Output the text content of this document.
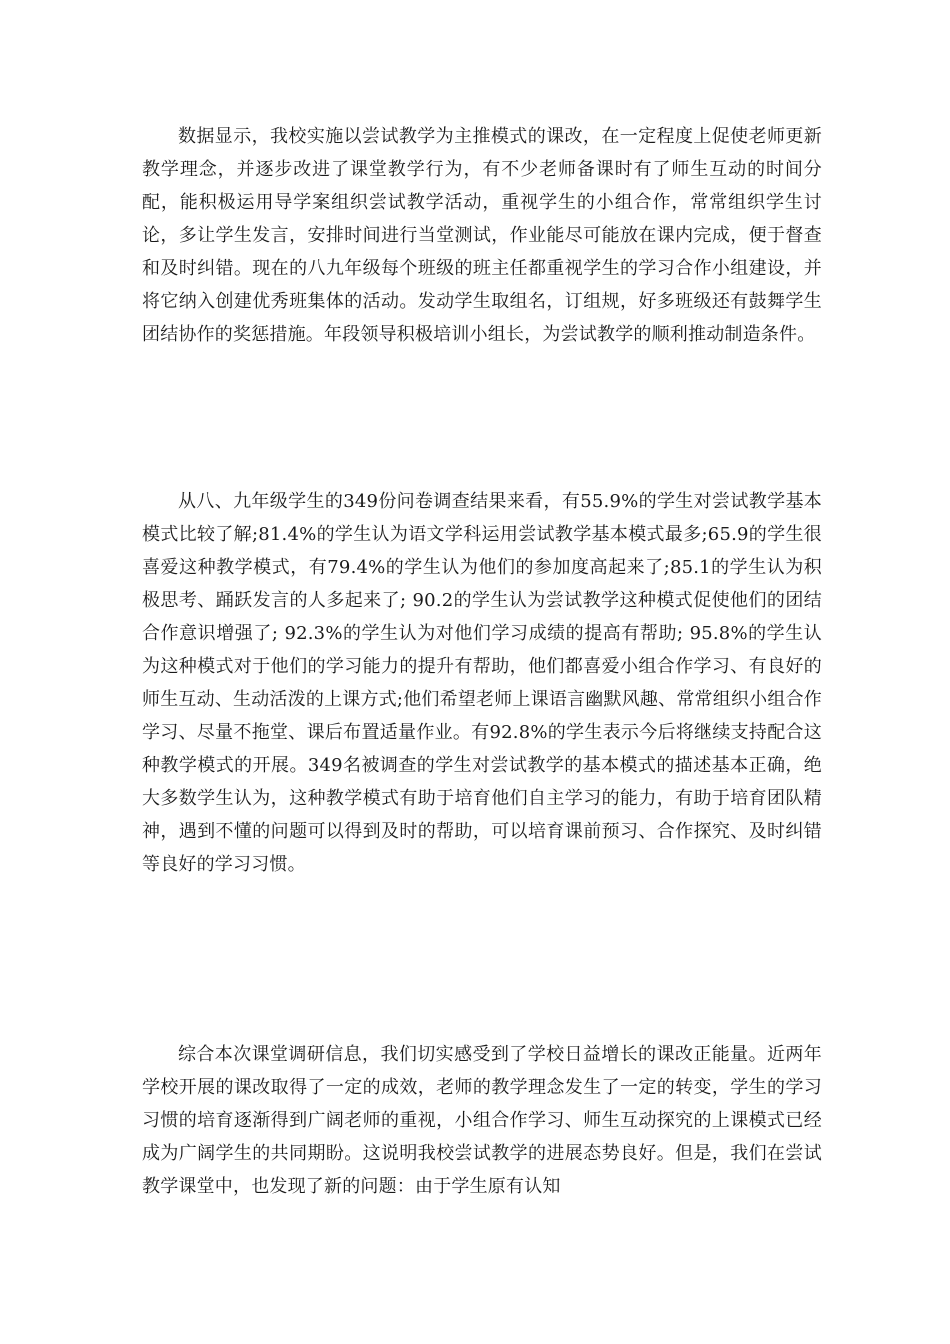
数据显示，我校实施以尝试教学为主推模式的课改，在一定程度上促使老师更新教学理念，并逐步改进了课堂教学行为，有不少老师备课时有了师生互动的时间分配，能积极运用导学案组织尝试教学活动，重视学生的小组合作，常常组织学生讨论，多让学生发言，安排时间进行当堂测试，作业能尽可能放在课内完成，便于督查和及时纠错。现在的八九年级每个班级的班主任都重视学生的学习合作小组建设，并将它纳入创建优秀班集体的活动。发动学生取组名，订组规，好多班级还有鼓舞学生团结协作的奖惩措施。年段领导积极培训小组长，为尝试教学的顺利推动制造条件。

从八、九年级学生的349份问卷调查结果来看，有55.9%的学生对尝试教学基本模式比较了解;81.4%的学生认为语文学科运用尝试教学基本模式最多;65.9的学生很喜爱这种教学模式，有79.4%的学生认为他们的参加度高起来了;85.1的学生认为积极思考、踊跃发言的人多起来了; 90.2的学生认为尝试教学这种模式促使他们的团结合作意识增强了; 92.3%的学生认为对他们学习成绩的提高有帮助; 95.8%的学生认为这种模式对于他们的学习能力的提升有帮助，他们都喜爱小组合作学习、有良好的师生互动、生动活泼的上课方式;他们希望老师上课语言幽默风趣、常常组织小组合作学习、尽量不拖堂、课后布置适量作业。有92.8%的学生表示今后将继续支持配合这种教学模式的开展。349名被调查的学生对尝试教学的基本模式的描述基本正确，绝大多数学生认为，这种教学模式有助于培育他们自主学习的能力，有助于培育团队精神，遇到不懂的问题可以得到及时的帮助，可以培育课前预习、合作探究、及时纠错等良好的学习习惯。

综合本次课堂调研信息，我们切实感受到了学校日益增长的课改正能量。近两年学校开展的课改取得了一定的成效，老师的教学理念发生了一定的转变，学生的学习习惯的培育逐渐得到广阔老师的重视，小组合作学习、师生互动探究的上课模式已经成为广阔学生的共同期盼。这说明我校尝试教学的进展态势良好。但是，我们在尝试教学课堂中，也发现了新的问题：由于学生原有认知
